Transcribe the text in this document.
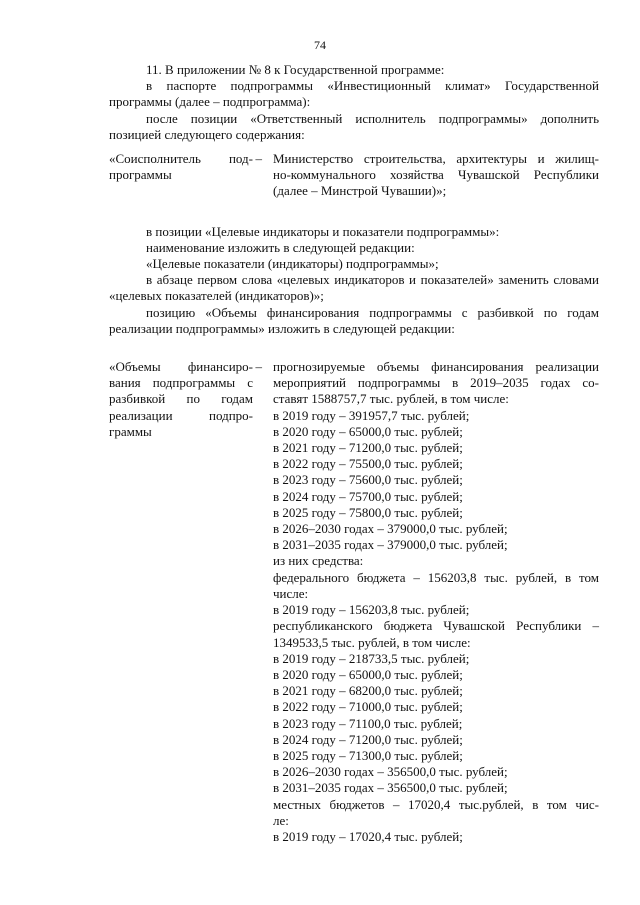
74

11. В приложении № 8 к Государственной программе:

в паспорте подпрограммы «Инвестиционный климат» Государственной программы (далее – подпрограмма):

после позиции «Ответственный исполнитель подпрограммы» дополнить позицией следующего содержания:

«Соисполнитель под-
программы
– Министерство строительства, архитектуры и жилищ-
но-коммунального хозяйства Чувашской Республики
(далее – Минстрой Чувашии)»;

в позиции «Целевые индикаторы и показатели подпрограммы»:

наименование изложить в следующей редакции:

«Целевые показатели (индикаторы) подпрограммы»;

в абзаце первом слова «целевых индикаторов и показателей» заменить словами «целевых показателей (индикаторов)»;

позицию «Объемы финансирования подпрограммы с разбивкой по годам реализации подпрограммы» изложить в следующей редакции:

«Объемы финансиро-
вания подпрограммы с
разбивкой по годам
реализации подпро-
граммы
– прогнозируемые объемы финансирования реализации
мероприятий подпрограммы в 2019–2035 годах со-
ставят 1588757,7 тыс. рублей, в том числе:
в 2019 году – 391957,7 тыс. рублей;
в 2020 году – 65000,0 тыс. рублей;
в 2021 году – 71200,0 тыс. рублей;
в 2022 году – 75500,0 тыс. рублей;
в 2023 году – 75600,0 тыс. рублей;
в 2024 году – 75700,0 тыс. рублей;
в 2025 году – 75800,0 тыс. рублей;
в 2026–2030 годах – 379000,0 тыс. рублей;
в 2031–2035 годах – 379000,0 тыс. рублей;
из них средства:
федерального бюджета – 156203,8 тыс. рублей, в том
числе:
в 2019 году – 156203,8 тыс. рублей;
республиканского бюджета Чувашской Республики –
1349533,5 тыс. рублей, в том числе:
в 2019 году – 218733,5 тыс. рублей;
в 2020 году – 65000,0 тыс. рублей;
в 2021 году – 68200,0 тыс. рублей;
в 2022 году – 71000,0 тыс. рублей;
в 2023 году – 71100,0 тыс. рублей;
в 2024 году – 71200,0 тыс. рублей;
в 2025 году – 71300,0 тыс. рублей;
в 2026–2030 годах – 356500,0 тыс. рублей;
в 2031–2035 годах – 356500,0 тыс. рублей;
местных бюджетов – 17020,4 тыс.рублей, в том чис-
ле:
в 2019 году – 17020,4 тыс. рублей;
